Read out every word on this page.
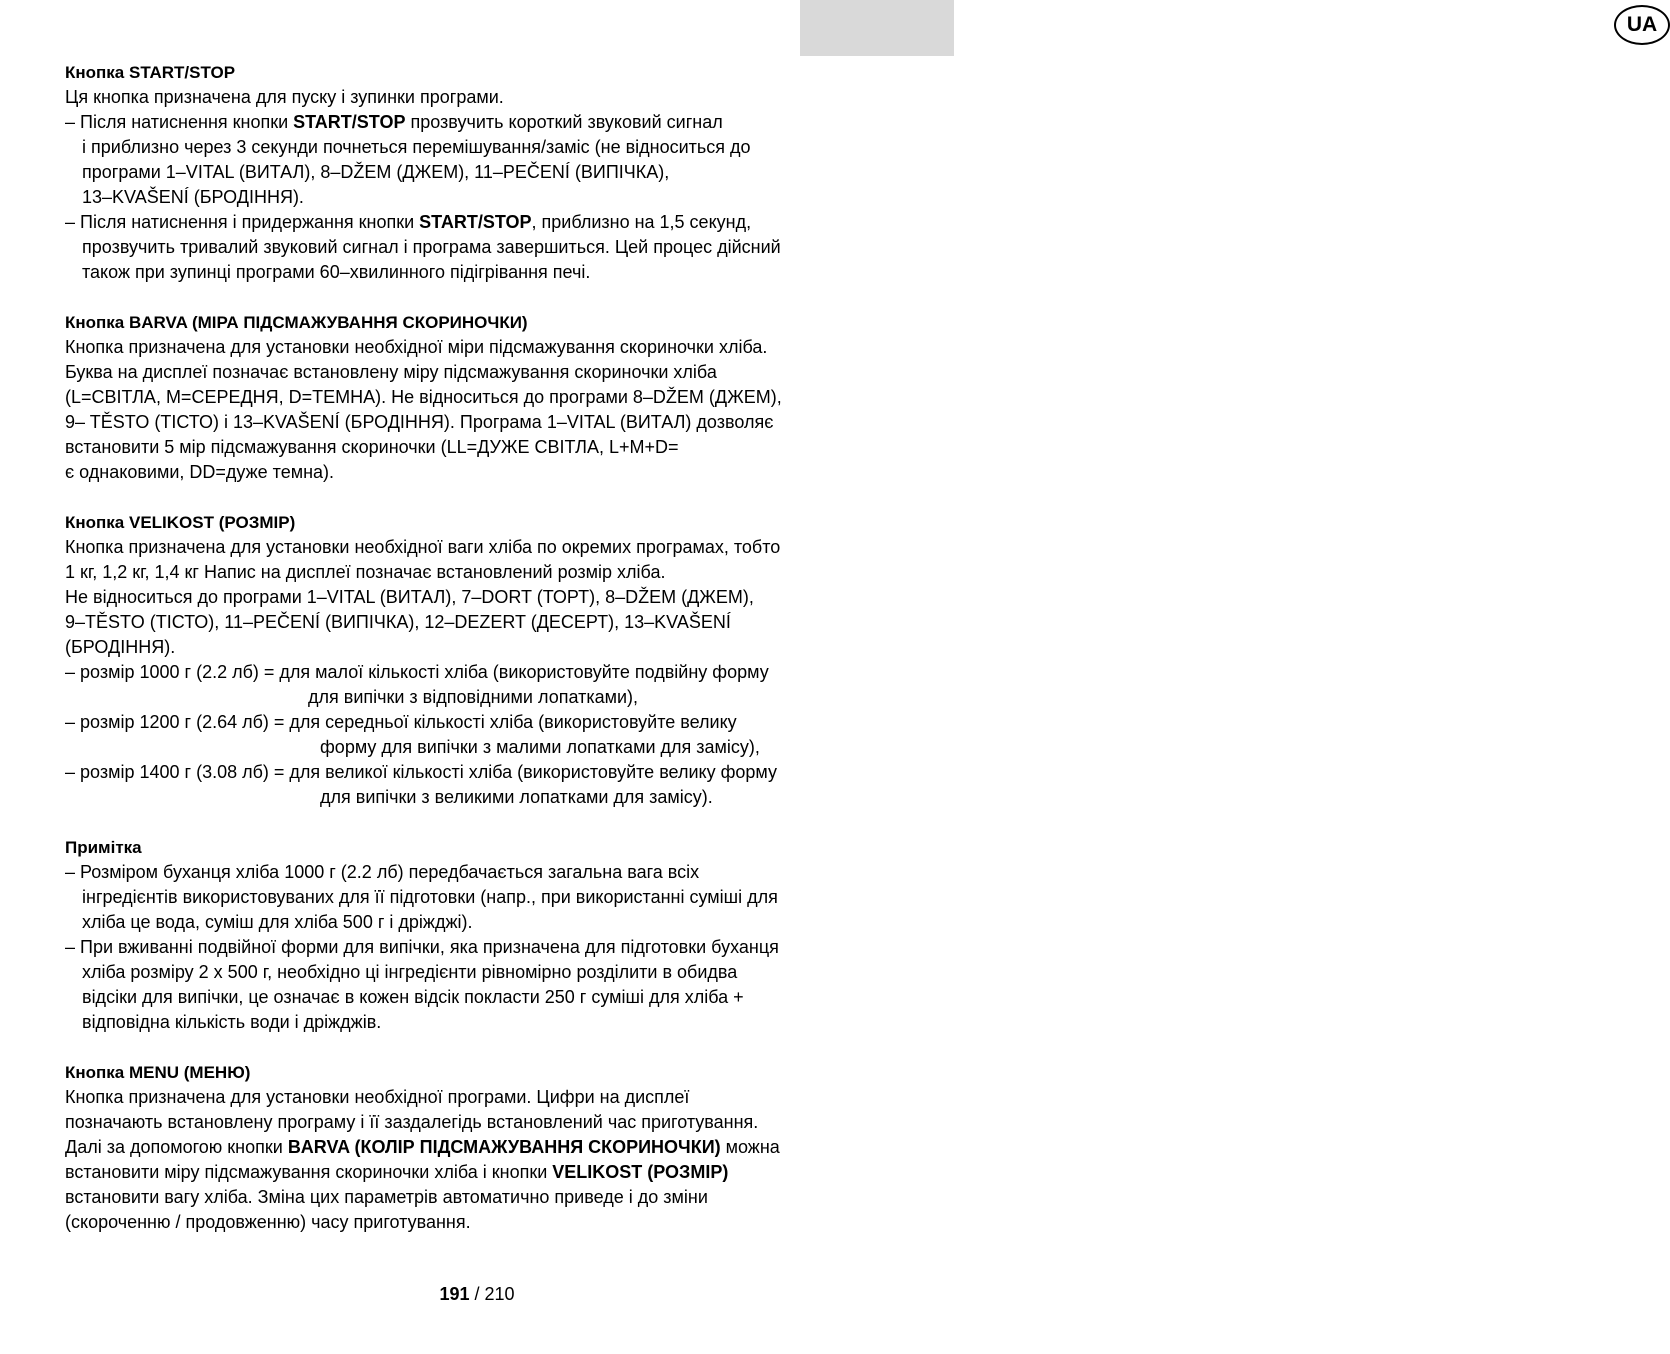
UA
Кнопка START/STOP
Ця кнопка призначена для пуску і зупинки програми.
– Після натиснення кнопки START/STOP прозвучить короткий звуковий сигнал
і приблизно через 3 секунди почнеться перемішування/заміс (не відноситься до
програми 1–VITAL (ВИТАЛ), 8–DŽEM (ДЖЕМ), 11–PEČENÍ (ВИПІЧКА),
13–KVAŠENÍ (БРОДІННЯ).
– Після натиснення і придержання кнопки START/STOP, приблизно на 1,5 секунд,
прозвучить тривалий звуковий сигнал і програма завершиться. Цей процес дійсний
також при зупинці програми 60–хвилинного підігрівання печі.
Кнопка BARVA (МІРА ПІДСМАЖУВАННЯ СКОРИНОЧКИ)
Кнопка призначена для установки необхідної міри підсмажування скориночки хліба.
Буква на дисплеї позначає встановлену міру підсмажування скориночки хліба
(L=СВІТЛА, M=СЕРЕДНЯ, D=ТЕМНА). Не відноситься до програми 8–DŽEM (ДЖЕМ),
9– TĚSTO (ТІСТО) і 13–KVAŠENÍ (БРОДІННЯ). Програма 1–VITAL (ВИТАЛ) дозволяє
встановити 5 мір підсмажування скориночки (LL=ДУЖЕ СВІТЛА, L+M+D=
є однаковими, DD=дуже темна).
Кнопка VELIKOST (РОЗМІР)
Кнопка призначена для установки необхідної ваги хліба по окремих програмах, тобто
1 кг, 1,2 кг, 1,4 кг Напис на дисплеї позначає встановлений розмір хліба.
Не відноситься до програми 1–VITAL (ВИТАЛ), 7–DORT (ТОРТ), 8–DŽEM (ДЖЕМ),
9–TĚSTO (ТІСТО), 11–PEČENÍ (ВИПІЧКА), 12–DEZERT (ДЕСЕРТ), 13–KVAŠENÍ
(БРОДІННЯ).
– розмір 1000 г (2.2 лб) = для малої кількості хліба (використовуйте подвійну форму
для випічки з відповідними лопатками),
– розмір 1200 г (2.64 лб) = для середньої кількості хліба (використовуйте велику
форму для випічки з малими лопатками для замісу),
– розмір 1400 г (3.08 лб) = для великої кількості хліба (використовуйте велику форму
для випічки з великими лопатками для замісу).
Примітка
– Розміром буханця хліба 1000 г (2.2 лб) передбачається загальна вага всіх
інгредієнтів використовуваних для її підготовки (напр., при використанні суміші для
хліба це вода, суміш для хліба 500 г і дріжджі).
– При вживанні подвійної форми для випічки, яка призначена для підготовки буханця
хліба розміру 2 х 500 г, необхідно ці інгредієнти рівномірно розділити в обидва
відсіки для випічки, це означає в кожен відсік покласти 250 г суміші для хліба +
відповідна кількість води і дріжджів.
Кнопка MENU (МЕНЮ)
Кнопка призначена для установки необхідної програми. Цифри на дисплеї
позначають встановлену програму і її заздалегідь встановлений час приготування.
Далі за допомогою кнопки BARVA (КОЛІР ПІДСМАЖУВАННЯ СКОРИНОЧКИ) можна
встановити міру підсмажування скориночки хліба і кнопки VELIKOST (РОЗМІР)
встановити вагу хліба. Зміна цих параметрів автоматично приведе і до зміни
(скороченню / продовженню) часу приготування.
191 / 210
